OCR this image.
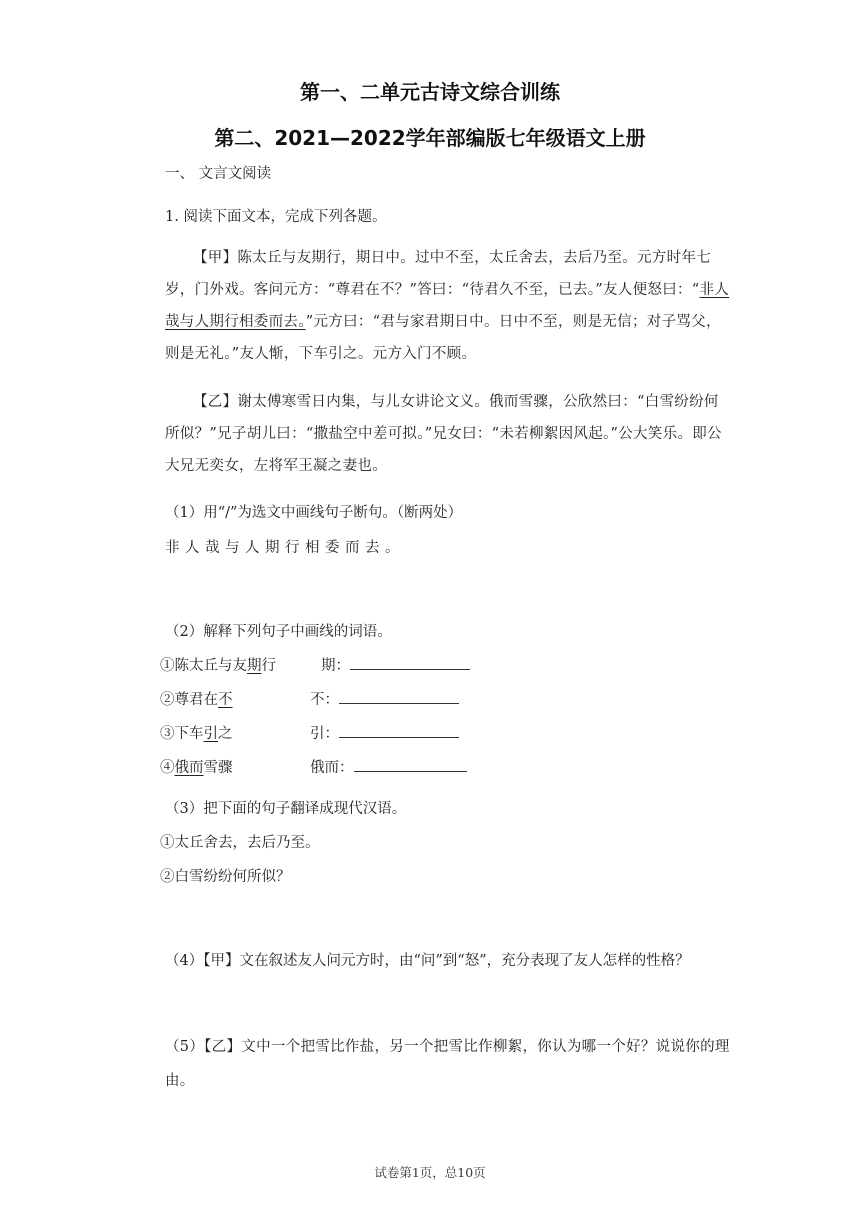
第一、二单元古诗文综合训练
第二、2021—2022学年部编版七年级语文上册
一、 文言文阅读
1. 阅读下面文本，完成下列各题。
【甲】陈太丘与友期行，期日中。过中不至，太丘舍去，去后乃至。元方时年七岁，门外戏。客问元方：“尊君在不？”答曰：“待君久不至，已去。”友人便怒曰：“非人哉与人期行相委而去。”元方曰：“君与家君期日中。日中不至，则是无信；对子骂父，则是无礼。”友人惭，下车引之。元方入门不顾。
【乙】谢太傅寒雪日内集，与儿女讲论文义。俄而雪骤，公欣然曰：“白雪纷纷何所似？”兄子胡儿曰：“撒盐空中差可拟。”兄女曰：“未若柳絮因风起。”公大笑乐。即公大兄无奕女，左将军王凝之妻也。
（1）用“/”为选文中画线句子断句。（断两处）
非人哉与人期行相委而去。
（2）解释下列句子中画线的词语。
①陈太丘与友期行	期：
②尊君在不	不：
③下车引之	引：
④俄而雪骤	俄而：
（3）把下面的句子翻译成现代汉语。
①太丘舍去，去后乃至。
②白雪纷纷何所似？
（4）【甲】文在叙述友人问元方时，由“问”到“怒”，充分表现了友人怎样的性格？
（5）【乙】文中一个把雪比作盐，另一个把雪比作柳絮，你认为哪一个好？说说你的理由。
试卷第1页，总10页
